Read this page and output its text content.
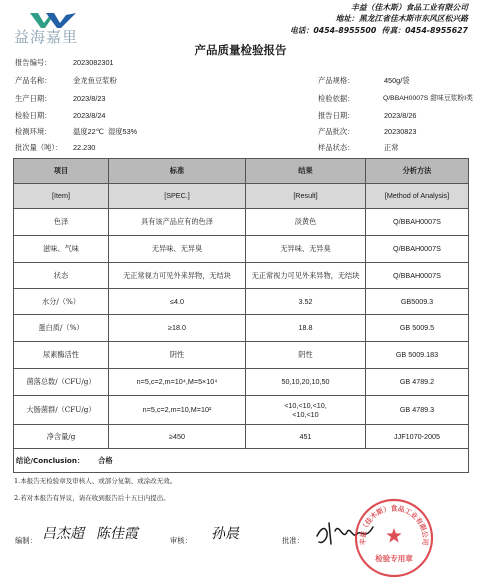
益海嘉里
丰益（佳木斯）食品工业有限公司
地址：黑龙江省佳木斯市东风区松兴路
电话：0454-8955500  传真：0454-8955627
产品质量检验报告
报告编号：	2023082301
产品名称：	金龙鱼豆浆粉
生产日期：	2023/8/23
检验日期：	2023/8/24
检测环境：	温度22℃  湿度53%
批次量（吨）： 22.230
产品规格：	450g/袋
检验依据：	Q/BBAH0007S 甜味豆浆粉I类
报告日期：	2023/8/26
产品批次：	20230823
样品状态：	正常
项目	标准	结果	分析方法
[Item]	[SPEC.]	[Result]	[Method of Analysis]
色泽	具有该产品应有的色泽	淡黄色	Q/BBAH0007S
滋味、气味	无异味、无异臭	无异味、无异臭	Q/BBAH0007S
状态	无正常视力可见外来异物，无结块	无正常视力可见外来异物，无结块	Q/BBAH0007S
水分/（%）	≤4.0	3.52	GB5009.3
蛋白质/（%）	≥18.0	18.8	GB 5009.5
尿素酶活性	阴性	阴性	GB 5009.183
菌落总数/（CFU/g）	n=5,c=2,m=10⁴,M=5×10⁴	50,10,20,10,50	GB 4789.2
大肠菌群/（CFU/g）	n=5,c=2,m=10,M=10²	<10,<10,<10,
<10,<10	GB 4789.3
净含量/g	≥450	451	JJF1070-2005
结论/Conclusion： 合格			
1.本报告无检验章及审核人、或部分复制、或涂改无效。
2.若对本报告有异议，请在收到报告后十五日内提出。
编制： 吕杰超 陈佳霞	审核： 孙晨	批准：	丰益（佳木斯）食品工业有限公司
检验专用章
